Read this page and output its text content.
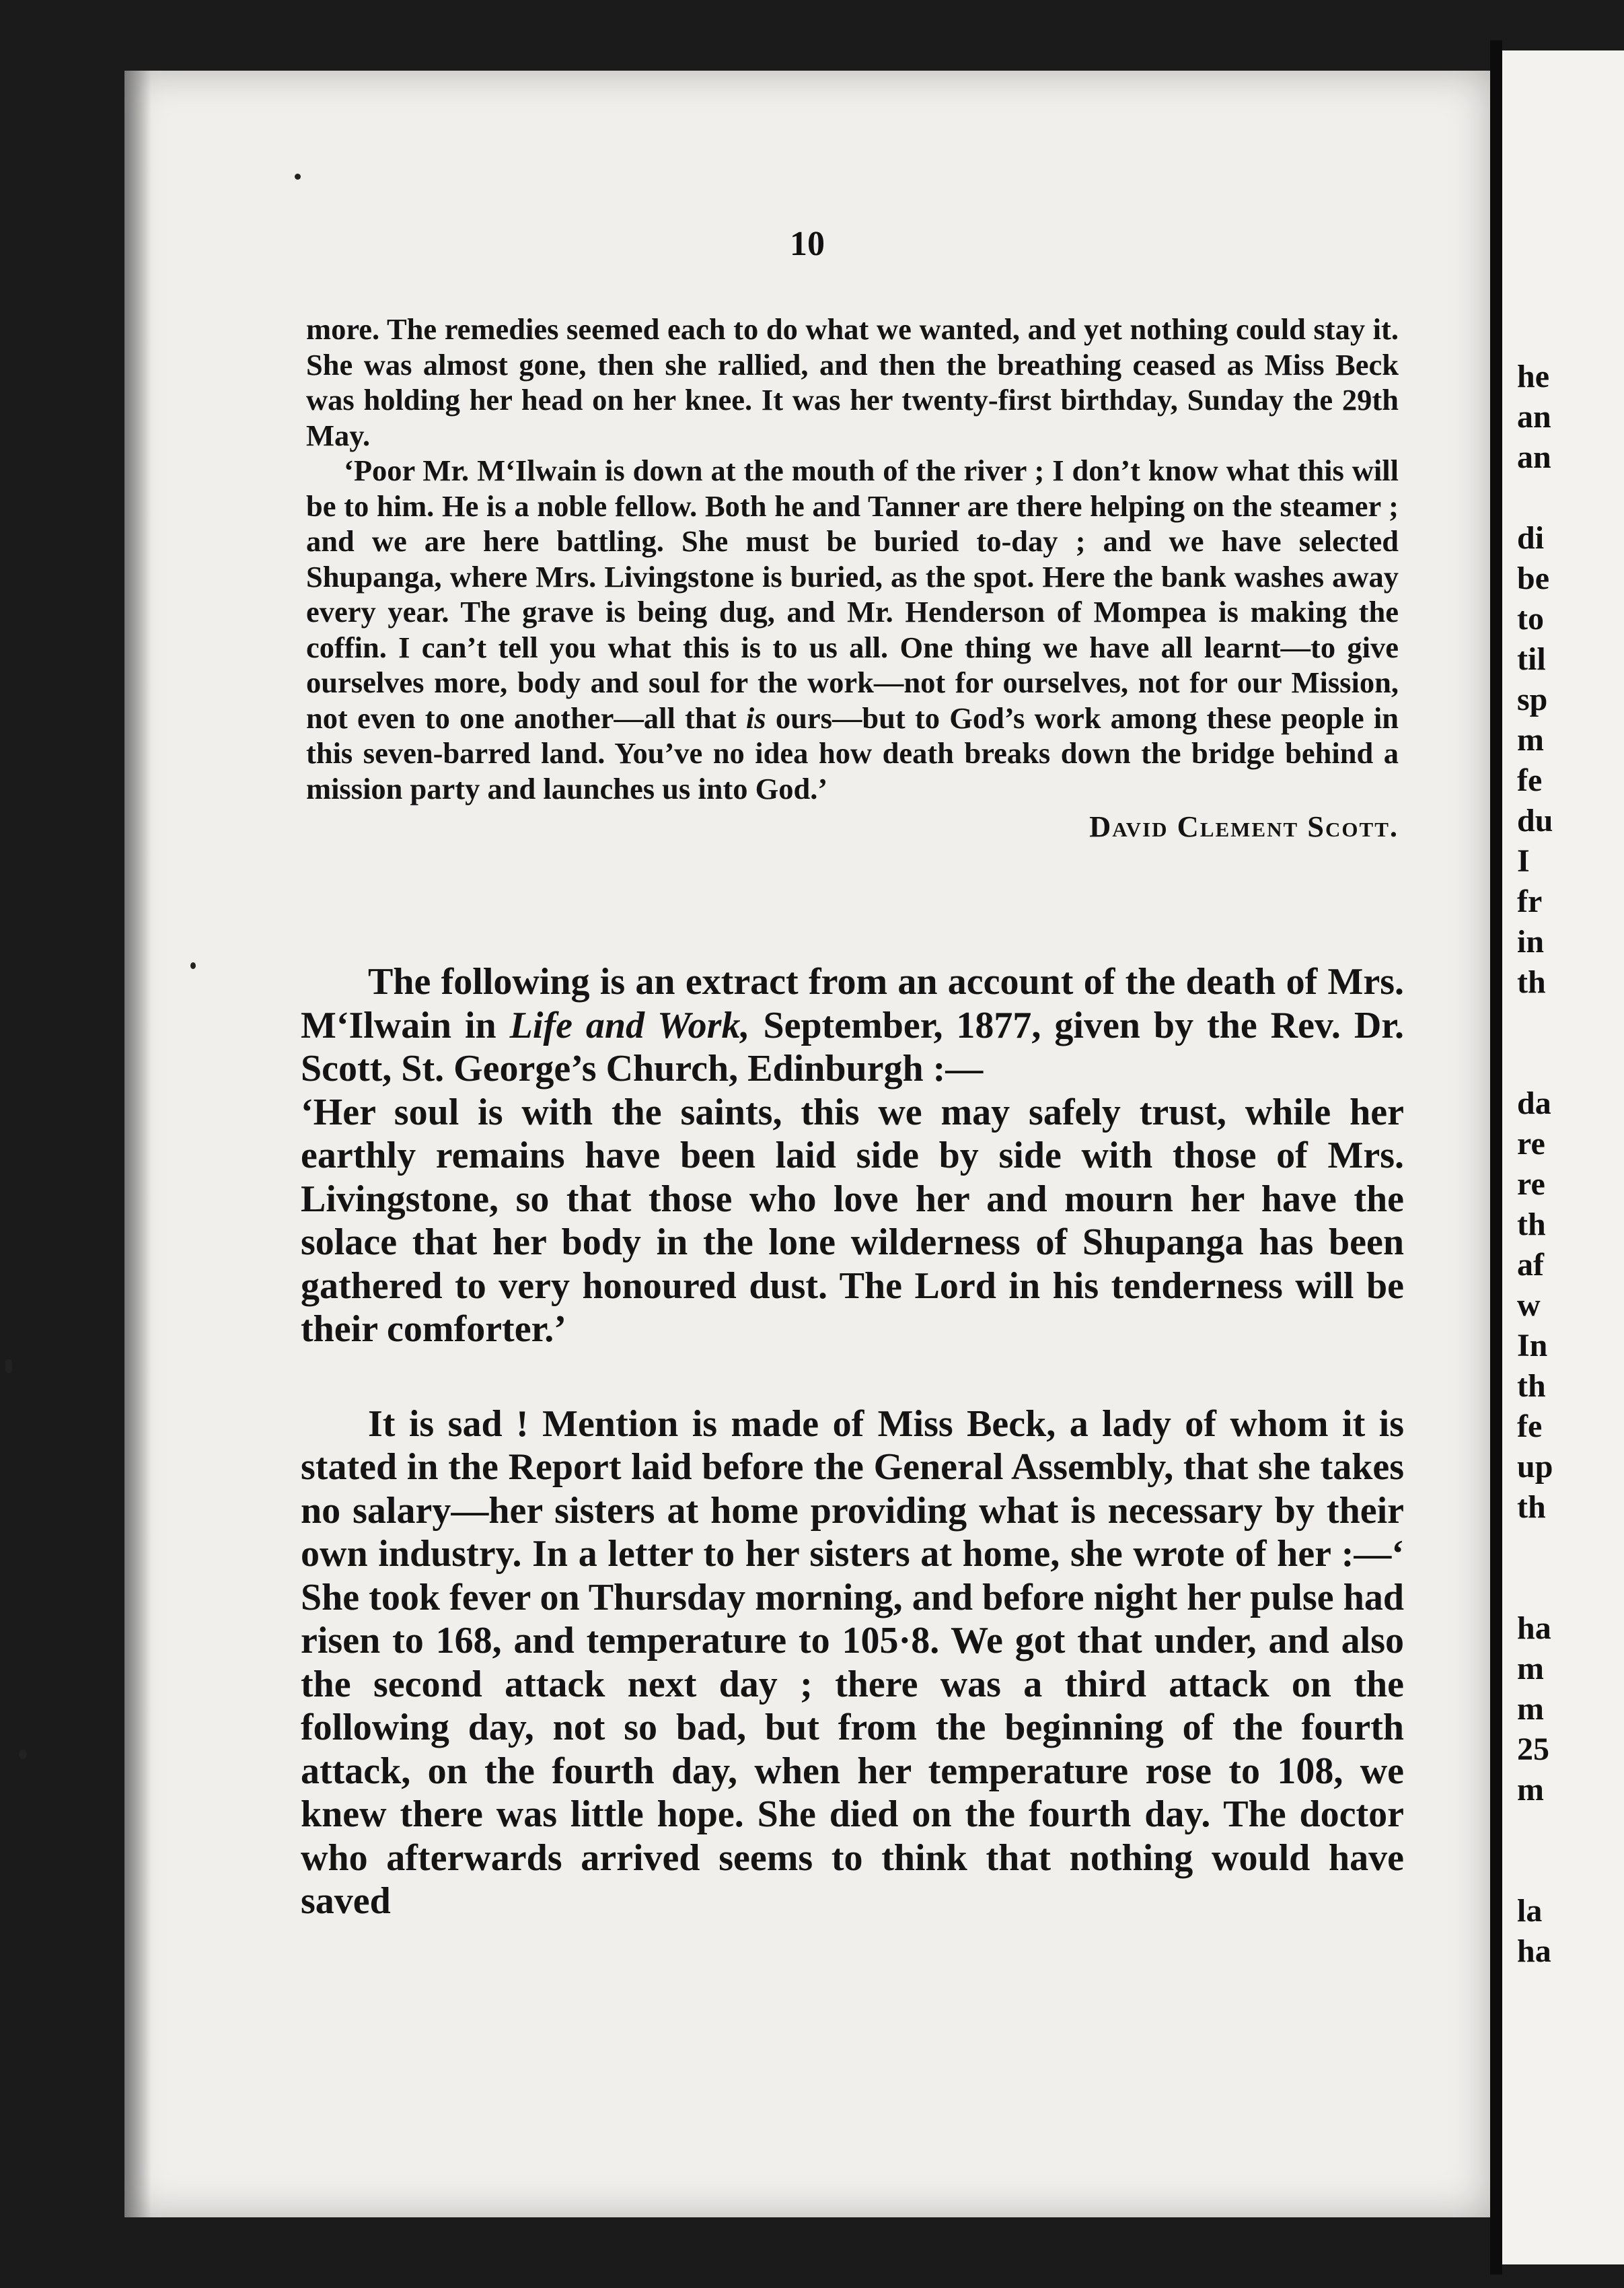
10

more. The remedies seemed each to do what we wanted, and yet nothing could stay it. She was almost gone, then she rallied, and then the breathing ceased as Miss Beck was holding her head on her knee. It was her twenty-first birthday, Sunday the 29th May.

‘Poor Mr. M‘Ilwain is down at the mouth of the river ; I don’t know what this will be to him. He is a noble fellow. Both he and Tanner are there helping on the steamer ; and we are here battling. She must be buried to-day ; and we have selected Shupanga, where Mrs. Livingstone is buried, as the spot. Here the bank washes away every year. The grave is being dug, and Mr. Henderson of Mompea is making the coffin. I can’t tell you what this is to us all. One thing we have all learnt—to give ourselves more, body and soul for the work—not for ourselves, not for our Mission, not even to one another—all that is ours—but to God’s work among these people in this seven-barred land. You’ve no idea how death breaks down the bridge behind a mission party and launches us into God.’

David Clement Scott.

The following is an extract from an account of the death of Mrs. M‘Ilwain in Life and Work, September, 1877, given by the Rev. Dr. Scott, St. George’s Church, Edinburgh :—
‘Her soul is with the saints, this we may safely trust, while her earthly remains have been laid side by side with those of Mrs. Livingstone, so that those who love her and mourn her have the solace that her body in the lone wilderness of Shupanga has been gathered to very honoured dust. The Lord in his tenderness will be their comforter.’

It is sad ! Mention is made of Miss Beck, a lady of whom it is stated in the Report laid before the General Assembly, that she takes no salary—her sisters at home providing what is necessary by their own industry. In a letter to her sisters at home, she wrote of her :—‘ She took fever on Thursday morning, and before night her pulse had risen to 168, and temperature to 105·8. We got that under, and also the second attack next day ; there was a third attack on the following day, not so bad, but from the beginning of the fourth attack, on the fourth day, when her temperature rose to 108, we knew there was little hope. She died on the fourth day. The doctor who afterwards arrived seems to think that nothing would have saved

he
an
an
di
be
to
til
sp
m
fe
du
I
fr
in
th
da
re
re
th
af
w
In
th
fe
up
th
ha
m
m
25
m
la
ha
